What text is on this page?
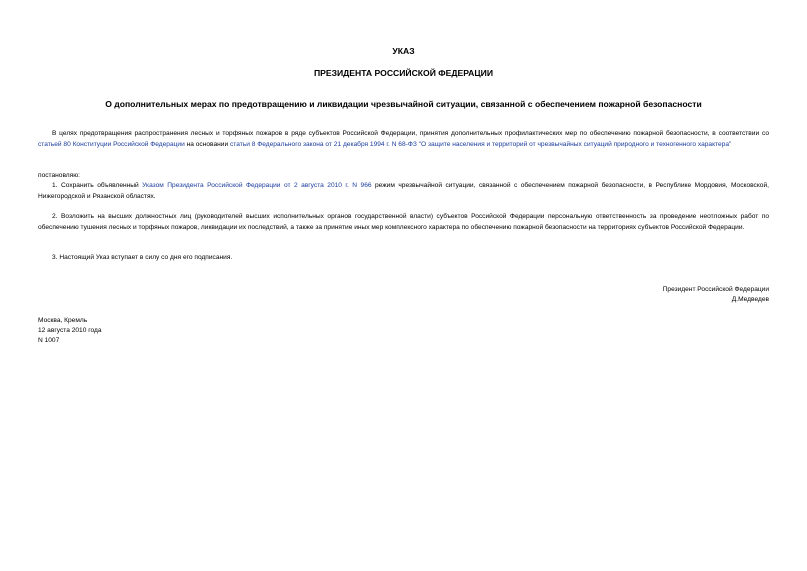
УКАЗ
ПРЕЗИДЕНТА РОССИЙСКОЙ ФЕДЕРАЦИИ
О дополнительных мерах по предотвращению и ликвидации чрезвычайной ситуации, связанной с обеспечением пожарной безопасности
В целях предотвращения распространения лесных и торфяных пожаров в ряде субъектов Российской Федерации, принятия дополнительных профилактических мер по обеспечению пожарной безопасности, в соответствии со статьей 80 Конституции Российской Федерации на основании статьи 8 Федерального закона от 21 декабря 1994 г. N 68-ФЗ "О защите населения и территорий от чрезвычайных ситуаций природного и техногенного характера"
постановляю:
1. Сохранить объявленный Указом Президента Российской Федерации от 2 августа 2010 г. N 966 режим чрезвычайной ситуации, связанной с обеспечением пожарной безопасности, в Республике Мордовия, Московской, Нижегородской и Рязанской областях.
2. Возложить на высших должностных лиц (руководителей высших исполнительных органов государственной власти) субъектов Российской Федерации персональную ответственность за проведение неотложных работ по обеспечению тушения лесных и торфяных пожаров, ликвидации их последствий, а также за принятие иных мер комплексного характера по обеспечению пожарной безопасности на территориях субъектов Российской Федерации.
3. Настоящий Указ вступает в силу со дня его подписания.
Президент Российской Федерации
Д.Медведев
Москва, Кремль
12 августа 2010 года
N 1007
